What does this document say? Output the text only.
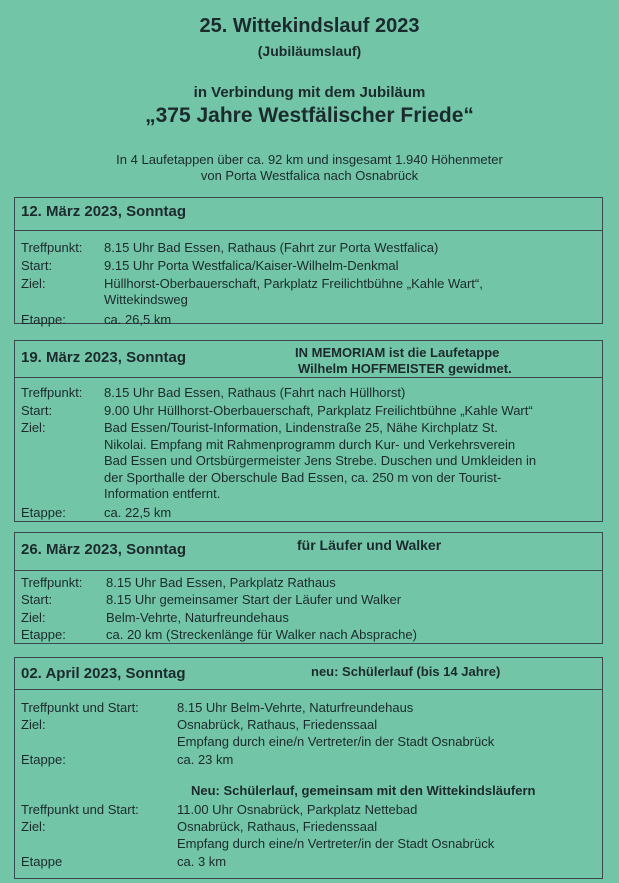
25. Wittekindslauf 2023
(Jubiläumslauf)
in Verbindung mit dem Jubiläum
„375 Jahre Westfälischer Friede“
In 4 Laufetappen über ca. 92 km und insgesamt 1.940 Höhenmeter
von Porta Westfalica nach Osnabrück
12. März 2023, Sonntag
Treffpunkt: 8.15 Uhr Bad Essen, Rathaus (Fahrt zur Porta Westfalica)
Start:	9.15 Uhr Porta Westfalica/Kaiser-Wilhelm-Denkmal
Ziel:	Hüllhorst-Oberbauerschaft, Parkplatz Freilichtbühne „Kahle Wart“,
Wittekindsweg
Etappe:	ca. 26,5 km
19. März 2023, Sonntag	IN MEMORIAM ist die Laufetappe
Wilhelm HOFFMEISTER gewidmet.
Treffpunkt: 8.15 Uhr Bad Essen, Rathaus (Fahrt nach Hüllhorst)
Start:	9.00 Uhr Hüllhorst-Oberbauerschaft, Parkplatz Freilichtbühne „Kahle Wart“
Ziel:	Bad Essen/Tourist-Information, Lindenstraße 25, Nähe Kirchplatz St.
Nikolai. Empfang mit Rahmenprogramm durch Kur- und Verkehrsverein
Bad Essen und Ortsbürgermeister Jens Strebe. Duschen und Umkleiden in
der Sporthalle der Oberschule Bad Essen, ca. 250 m von der Tourist-
Information entfernt.
Etappe:	ca. 22,5 km
26. März 2023, Sonntag	für Läufer und Walker
Treffpunkt: 8.15 Uhr Bad Essen, Parkplatz Rathaus
Start:	8.15 Uhr gemeinsamer Start der Läufer und Walker
Ziel:	Belm-Vehrte, Naturfreundehaus
Etappe:	ca. 20 km (Streckenlänge für Walker nach Absprache)
02. April 2023, Sonntag	neu: Schülerlauf (bis 14 Jahre)
Treffpunkt und Start:	8.15 Uhr Belm-Vehrte, Naturfreundehaus
Ziel:	Osnabrück, Rathaus, Friedenssaal
Empfang durch eine/n Vertreter/in der Stadt Osnabrück
Etappe:	ca. 23 km
Neu: Schülerlauf, gemeinsam mit den Wittekindsläufern
Treffpunkt und Start:	11.00 Uhr Osnabrück, Parkplatz Nettebad
Ziel:	Osnabrück, Rathaus, Friedenssaal
Empfang durch eine/n Vertreter/in der Stadt Osnabrück
Etappe	ca. 3 km
